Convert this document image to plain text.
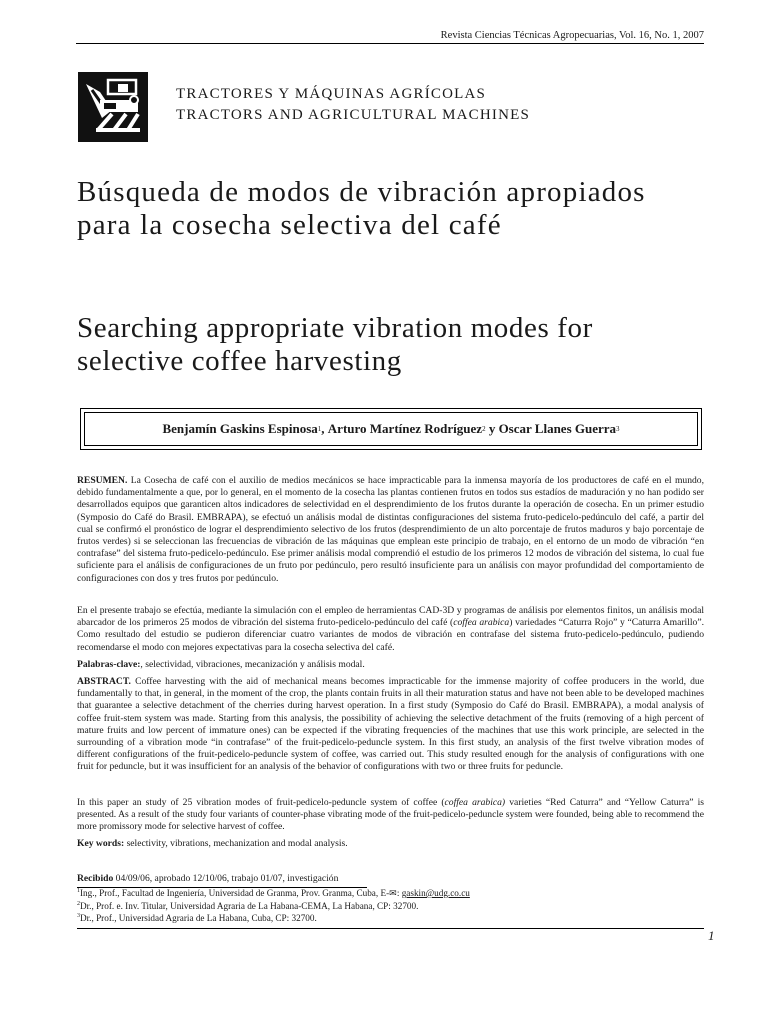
Revista Ciencias Técnicas Agropecuarias, Vol. 16, No. 1, 2007
TRACTORES Y MÁQUINAS AGRÍCOLAS
TRACTORS AND AGRICULTURAL MACHINES
Búsqueda de modos de vibración apropiados para la cosecha selectiva del café
Searching appropriate vibration modes for selective coffee harvesting
Benjamín Gaskins Espinosa 1 , Arturo Martínez Rodríguez 2 y Oscar Llanes Guerra 3
RESUMEN. La Cosecha de café con el auxilio de medios mecánicos se hace impracticable para la inmensa mayoría de los productores de café en el mundo, debido fundamentalmente a que, por lo general, en el momento de la cosecha las plantas contienen frutos en todos sus estadíos de maduración y no han podido ser desarrollados equipos que garanticen altos indicadores de selectividad en el desprendimiento de los frutos durante la operación de cosecha. En un primer estudio (Symposio do Café do Brasil. EMBRAPA), se efectuó un análisis modal de distintas configuraciones del sistema fruto-pedicelo-pedúnculo del café, a partir del cual se confirmó el pronóstico de lograr el desprendimiento selectivo de los frutos (desprendimiento de un alto porcentaje de frutos maduros y bajo porcentaje de frutos verdes) si se seleccionan las frecuencias de vibración de las máquinas que emplean este principio de trabajo, en el entorno de un modo de vibración “en contrafase” del sistema fruto-pedicelo-pedúnculo. Ese primer análisis modal comprendió el estudio de los primeros 12 modos de vibración del sistema, lo cual fue suficiente para el análisis de configuraciones de un fruto por pedúnculo, pero resultó insuficiente para un análisis con mayor profundidad del comportamiento de configuraciones con dos y tres frutos por pedúnculo.
En el presente trabajo se efectúa, mediante la simulación con el empleo de herramientas CAD-3D y programas de análisis por elementos finitos, un análisis modal abarcador de los primeros 25 modos de vibración del sistema fruto-pedicelo-pedúnculo del café (coffea arabica) variedades “Caturra Rojo” y “Caturra Amarillo”. Como resultado del estudio se pudieron diferenciar cuatro variantes de modos de vibración en contrafase del sistema fruto-pedicelo-pedúnculo, pudiendo recomendarse el modo con mejores expectativas para la cosecha selectiva del café.
Palabras-clave:, selectividad, vibraciones, mecanización y análisis modal.
ABSTRACT. Coffee harvesting with the aid of mechanical means becomes impracticable for the immense majority of coffee producers in the world, due fundamentally to that, in general, in the moment of the crop, the plants contain fruits in all their maturation status and have not been able to be developed machines that guarantee a selective detachment of the cherries during harvest operation. In a first study (Symposio do Café do Brasil. EMBRAPA), a modal analysis of coffee fruit-stem system was made. Starting from this analysis, the possibility of achieving the selective detachment of the fruits (removing of a high percent of mature fruits and low percent of immature ones) can be expected if the vibrating frequencies of the machines that use this work principle, are selected in the surrounding of a vibration mode “in contrafase” of the fruit-pedicelo-peduncle system. In this first study, an analysis of the first twelve vibration modes of different configurations of the fruit-pedicelo-peduncle system of coffee, was carried out. This study resulted enough for the analysis of configurations with one fruit for peduncle, but it was insufficient for an analysis of the behavior of configurations with two or three fruits for peduncle.
In this paper an study of 25 vibration modes of fruit-pedicelo-peduncle system of coffee (coffea arabica) varieties “Red Caturra” and “Yellow Caturra” is presented. As a result of the study four variants of counter-phase vibrating mode of the fruit-pedicelo-peduncle system were founded, being able to recommend the more promissory mode for selective harvest of coffee.
Key words: selectivity, vibrations, mechanization and modal analysis.
Recibido 04/09/06, aprobado 12/10/06, trabajo 01/07, investigación
$^1$Ing., Prof., Facultad de Ingeniería, Universidad de Granma, Prov. Granma, Cuba, E-✉: gaskin@udg.co.cu
$^2$Dr., Prof. e. Inv. Titular, Universidad Agraria de La Habana-CEMA, La Habana, CP: 32700.
$^3$Dr., Prof., Universidad Agraria de La Habana, Cuba, CP: 32700.
1
